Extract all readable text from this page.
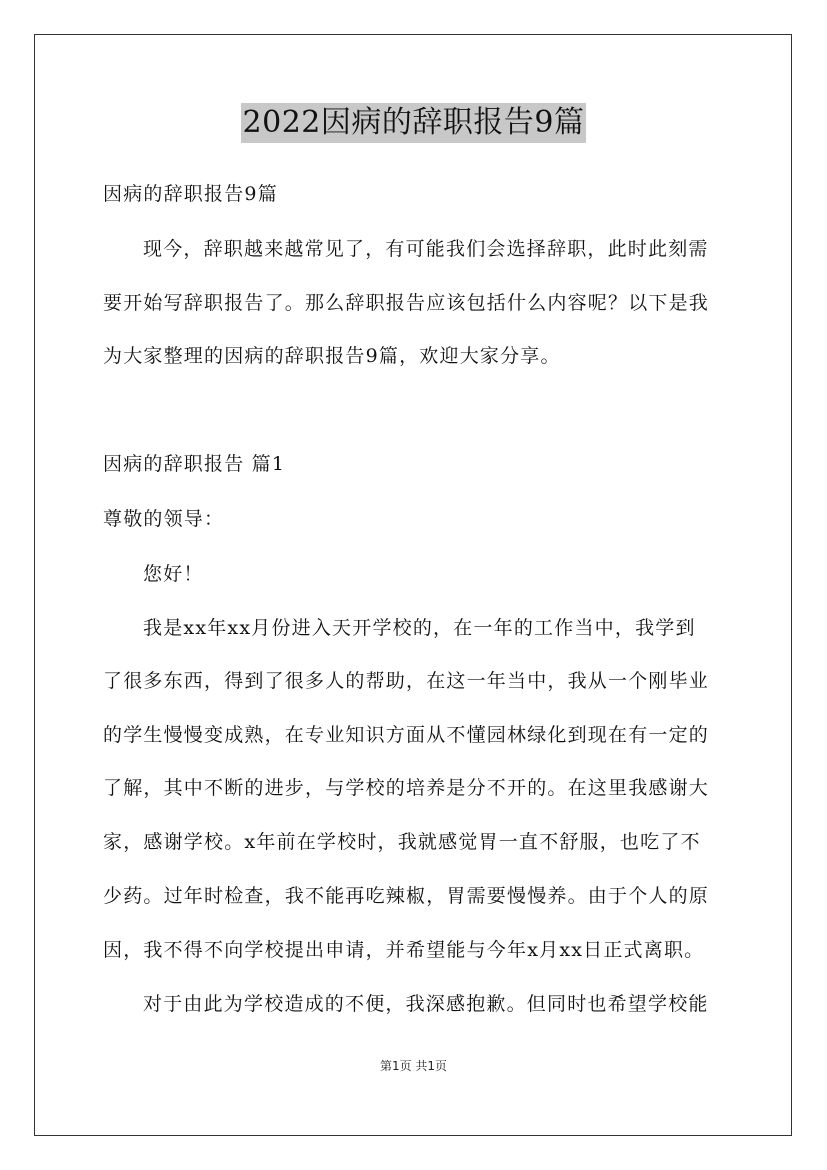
2022因病的辞职报告9篇
因病的辞职报告9篇
现今，辞职越来越常见了，有可能我们会选择辞职，此时此刻需
要开始写辞职报告了。那么辞职报告应该包括什么内容呢？以下是我
为大家整理的因病的辞职报告9篇，欢迎大家分享。
因病的辞职报告 篇1
尊敬的领导：
您好！
我是xx年xx月份进入天开学校的，在一年的工作当中，我学到
了很多东西，得到了很多人的帮助，在这一年当中，我从一个刚毕业
的学生慢慢变成熟，在专业知识方面从不懂园林绿化到现在有一定的
了解，其中不断的进步，与学校的培养是分不开的。在这里我感谢大
家，感谢学校。x年前在学校时，我就感觉胃一直不舒服，也吃了不
少药。过年时检查，我不能再吃辣椒，胃需要慢慢养。由于个人的原
因，我不得不向学校提出申请，并希望能与今年x月xx日正式离职。
对于由此为学校造成的不便，我深感抱歉。但同时也希望学校能
第1页 共1页
